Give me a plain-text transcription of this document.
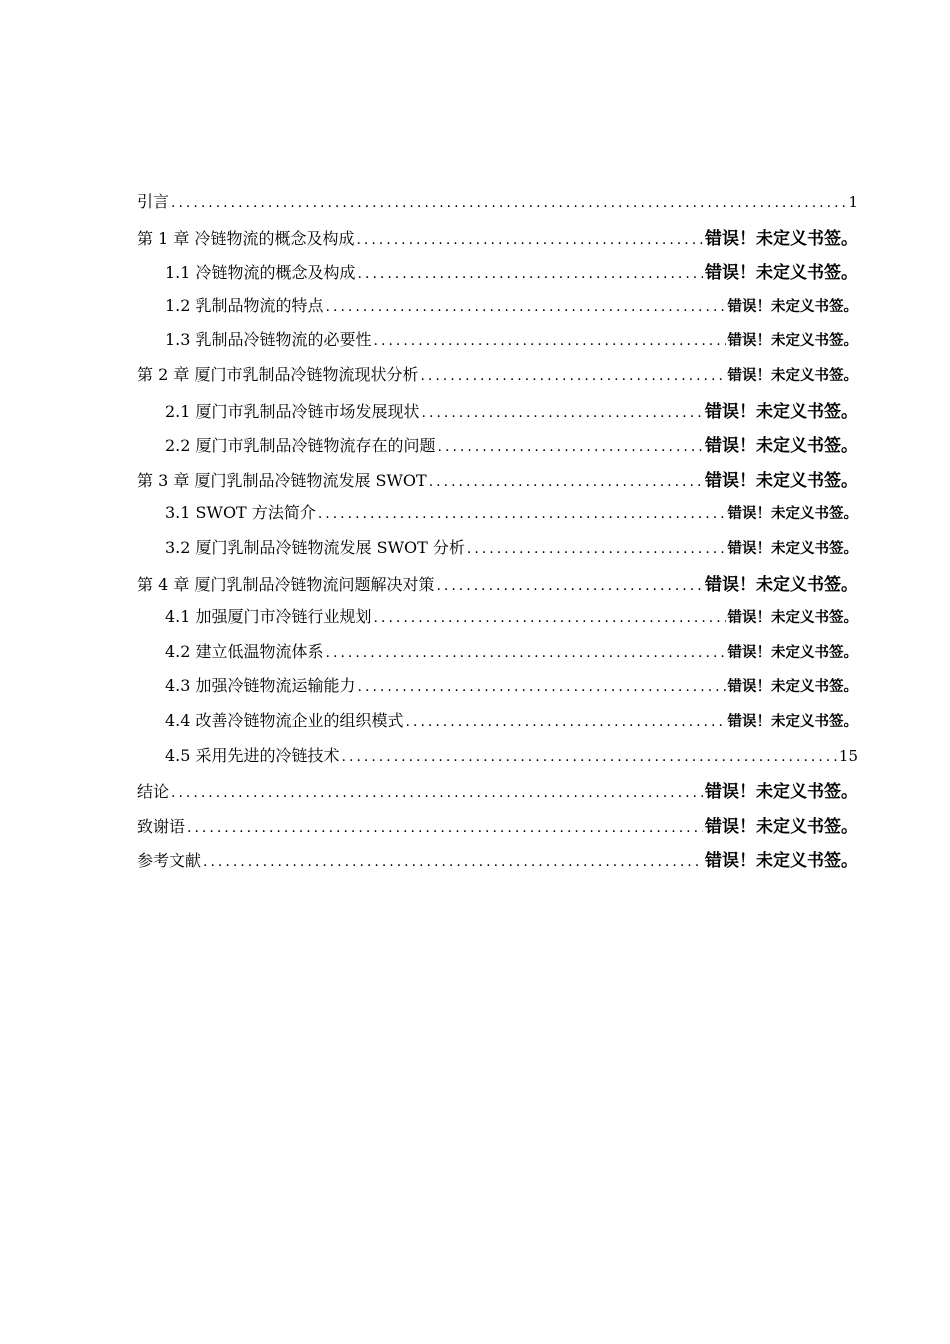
引言 .....	1
第 1 章 冷链物流的概念及构成 .....	错误！未定义书签。
1.1 冷链物流的概念及构成 .....	错误！未定义书签。
1.2 乳制品物流的特点 .....	错误！未定义书签。
1.3 乳制品冷链物流的必要性 .....	错误！未定义书签。
第 2 章 厦门市乳制品冷链物流现状分析 .....	错误！未定义书签。
2.1 厦门市乳制品冷链市场发展现状 .....	错误！未定义书签。
2.2 厦门市乳制品冷链物流存在的问题 .....	错误！未定义书签。
第 3 章 厦门乳制品冷链物流发展 SWOT .....	错误！未定义书签。
3.1 SWOT 方法简介 .....	错误！未定义书签。
3.2 厦门乳制品冷链物流发展 SWOT 分析 .....	错误！未定义书签。
第 4 章 厦门乳制品冷链物流问题解决对策 .....	错误！未定义书签。
4.1 加强厦门市冷链行业规划 .....	错误！未定义书签。
4.2 建立低温物流体系 .....	错误！未定义书签。
4.3 加强冷链物流运输能力 .....	错误！未定义书签。
4.4 改善冷链物流企业的组织模式 .....	错误！未定义书签。
4.5 采用先进的冷链技术 .....	15
结论 .....	错误！未定义书签。
致谢语 .....	错误！未定义书签。
参考文献 .....	错误！未定义书签。
